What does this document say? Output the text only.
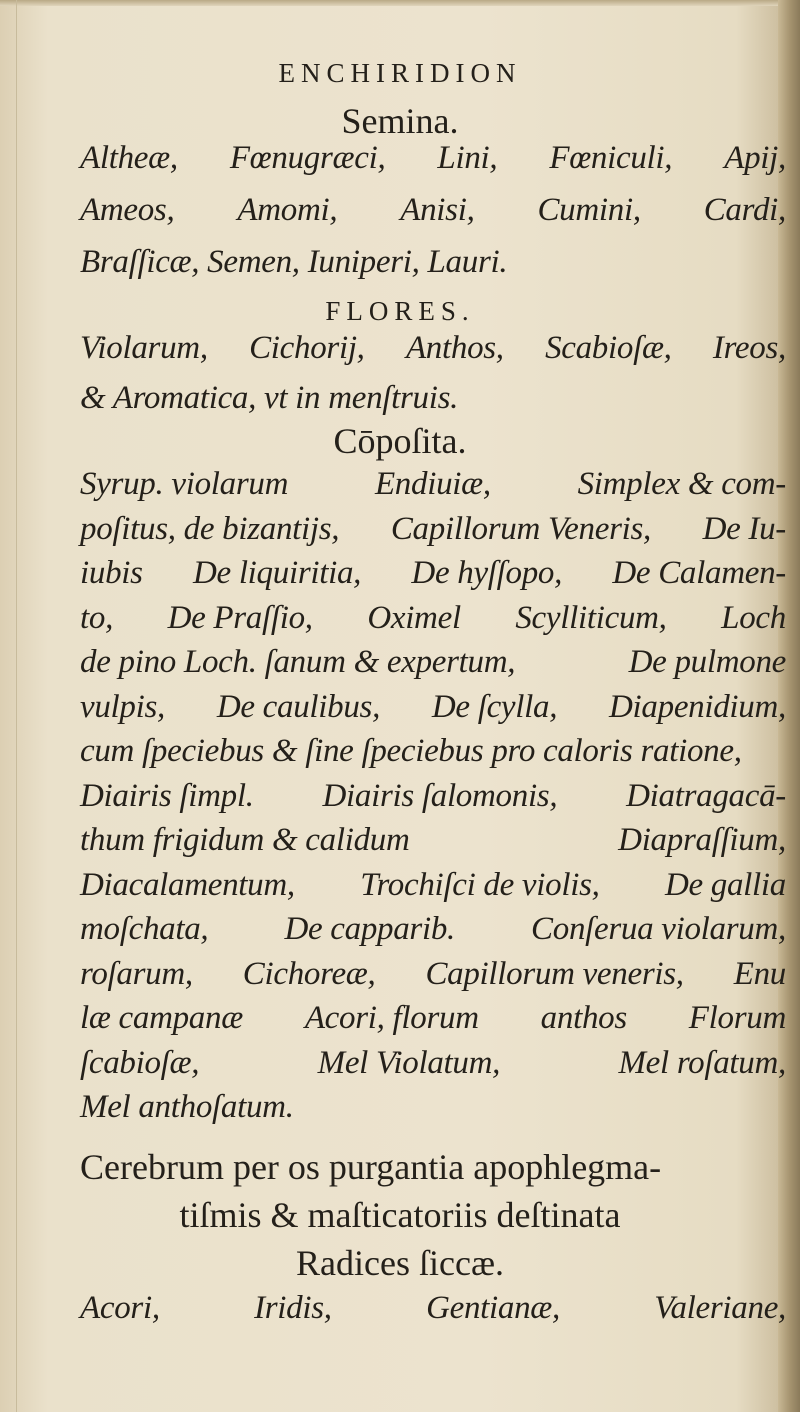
ENCHIRIDION
Semina.
Altheæ, Fœnugræci, Lini, Fœniculi, Apij,
Ameos, Amomi, Anisi, Cumini, Cardi,
Braſſicæ, Semen, Iuniperi, Lauri.
FLORES.
Violarum, Cichorij, Anthos, Scabioſæ, Ireos,
& Aromatica, vt in menſtruis.
Cōpoſita.
Syrup. violarum	Endiuiæ,	Simplex & com-
poſitus, de bizantijs, Capillorum Veneris, De Iu-
iubis De liquiritia, De hyſſopo, De Calamen-
to, De Praſſio, Oximel Scylliticum, Loch
de pino Loch. ſanum & expertum,	De pulmone
vulpis, De caulibus, De ſcylla, Diapenidium,
cum ſpeciebus & ſine ſpeciebus pro caloris ratione,
Diairis ſimpl. Diairis ſalomonis, Diatragacā-
thum frigidum & calidum	Diapraſſium,
Diacalamentum, Trochiſci de violis, De gallia
moſchata, De capparib. Conſerua violarum,
roſarum, Cichoreæ, Capillorum veneris, Enu
læ campanæ Acori, florum anthos Florum
ſcabioſæ,	Mel Violatum,	Mel roſatum,
Mel anthoſatum.
Cerebrum per os purgantia apophlegma-
tiſmis & maſticatoriis deſtinata
Radices ſiccæ.
Acori,	Iridis,	Gentianæ,	Valeriane,
